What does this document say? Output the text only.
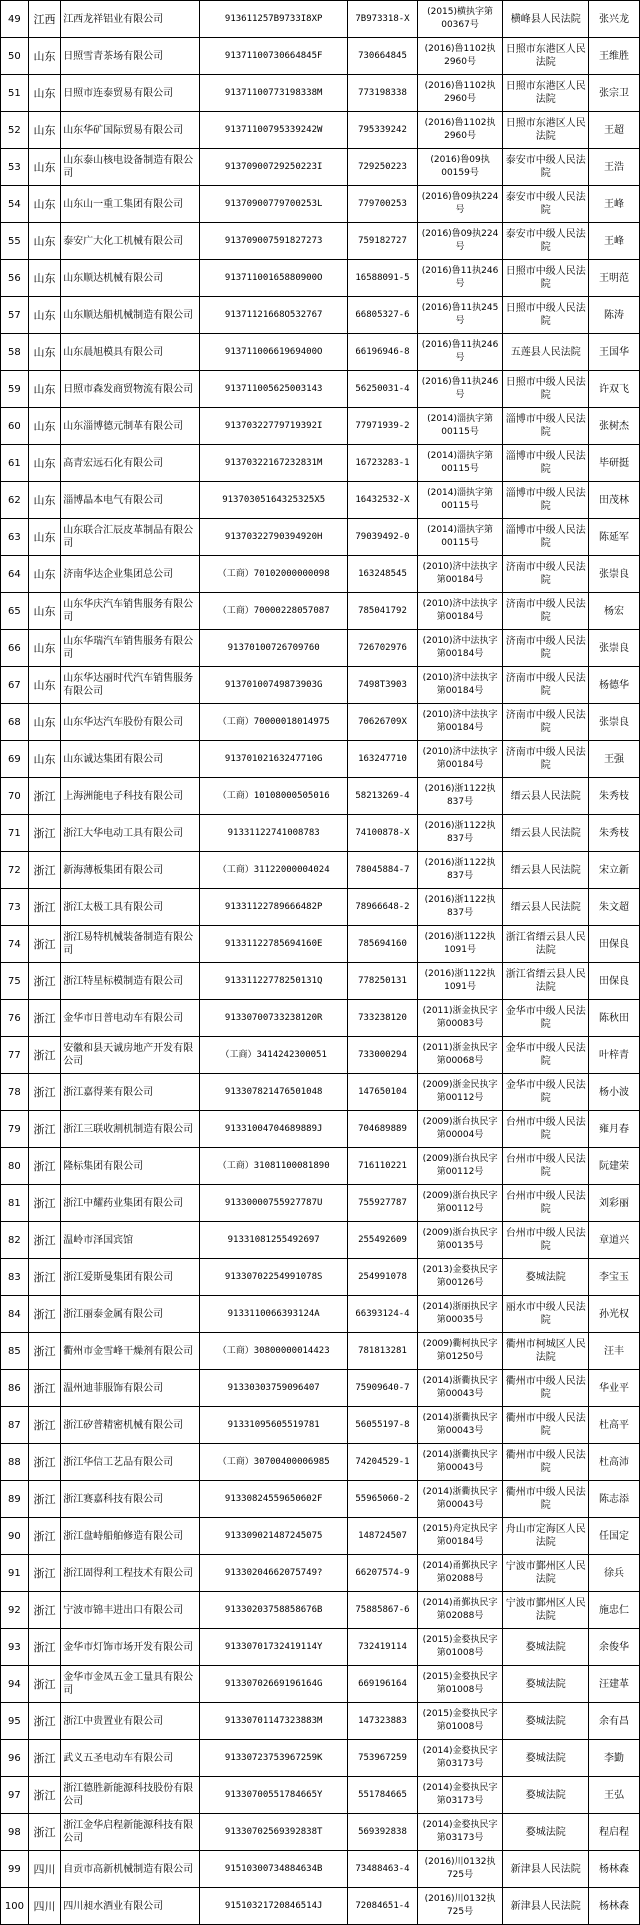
49	江西	江西龙祥铝业有限公司	913611257B9733I8XP	7B973318-X	(2015)横执字第00367号	横峰县人民法院	张兴龙
50	山东	日照雪青茶场有限公司	91371100730664845F	730664845	(2016)鲁1102执2960号	日照市东港区人民法院	王维胜
51	山东	日照市连泰贸易有限公司	91371100773198338M	773198338	(2016)鲁1102执2960号	日照市东港区人民法院	张宗卫
52	山东	山东华矿国际贸易有限公司	91371100795339242W	795339242	(2016)鲁1102执2960号	日照市东港区人民法院	王超
53	山东	山东泰山核电设备制造有限公司	91370900729250223I	729250223	(2016)鲁09执00159号	泰安市中级人民法院	王浩
54	山东	山东山一重工集团有限公司	91370900779700253L	779700253	(2016)鲁09执224号	泰安市中级人民法院	王峰
55	山东	泰安广大化工机械有限公司	913709007591827273	759182727	(2016)鲁09执224号	泰安市中级人民法院	王峰
56	山东	山东顺达机械有限公司	91371100165880900O	16588091-5	(2016)鲁11执246号	日照市中级人民法院	王明范
57	山东	山东顺达船机械制造有限公司	91371121668O532767	66805327-6	(2016)鲁11执245号	日照市中级人民法院	陈涛
58	山东	山东晨旭模具有限公司	91371100661969400O	66196946-8	(2016)鲁11执246号	五莲县人民法院	王国华
59	山东	日照市森发商贸物流有限公司	913711005625003143	56250031-4	(2016)鲁11执246号	日照市中级人民法院	许双飞
60	山东	山东淄博德元制革有限公司	91370322779719392I	77971939-2	(2014)淄执字第00115号	淄博市中级人民法院	张树杰
61	山东	高青宏远石化有限公司	91370322167232831M	16723283-1	(2014)淄执字第00115号	淄博市中级人民法院	毕研挺
62	山东	淄博晶本电气有限公司	91370305164325325X5	16432532-X	(2014)淄执字第00115号	淄博市中级人民法院	田茂林
63	山东	山东联合汇辰皮革制品有限公司	91370322790394920H	79039492-0	(2014)淄执字第00115号	淄博市中级人民法院	陈延军
64	山东	济南华达企业集团总公司	（工商）70102000000098	163248545	(2010)济中法执字第00184号	济南市中级人民法院	张崇良
65	山东	山东华庆汽车销售服务有限公司	（工商）70000228057087	785041792	(2010)济中法执字第00184号	济南市中级人民法院	杨宏
66	山东	山东华瑞汽车销售服务有限公司	91370100726709760	726702976	(2010)济中法执字第00184号	济南市中级人民法院	张崇良
67	山东	山东华达丽时代汽车销售服务有限公司	91370100749873903G	7498T3903	(2010)济中法执字第00184号	济南市中级人民法院	杨德华
68	山东	山东华达汽车股份有限公司	（工商）70000018014975	70626709X	(2010)济中法执字第00184号	济南市中级人民法院	张崇良
69	山东	山东诚达集团有限公司	91370102163247710G	163247710	(2010)济中法执字第00184号	济南市中级人民法院	王强
70	浙江	上海洲能电子科技有限公司	（工商）10108000505016	58213269-4	(2016)浙1122执837号	缙云县人民法院	朱秀枝
71	浙江	浙江大华电动工具有限公司	91331122741008783	74100878-X	(2016)浙1122执837号	缙云县人民法院	朱秀枝
72	浙江	新海薄板集团有限公司	（工商）31122000004024	78045884-7	(2016)浙1122执837号	缙云县人民法院	宋立新
73	浙江	浙江太极工具有限公司	91331122789666482P	78966648-2	(2016)浙1122执837号	缙云县人民法院	朱文超
74	浙江	浙江易特机械装备制造有限公司	91331122785694160E	785694160	(2016)浙1122执1091号	浙江省缙云县人民法院	田保良
75	浙江	浙江特星标模制造有限公司	91331122778250131Q	778250131	(2016)浙1122执1091号	浙江省缙云县人民法院	田保良
76	浙江	金华市日普电动车有限公司	91330700733238120R	733238120	(2011)浙金执民字第00083号	金华市中级人民法院	陈秋田
77	浙江	安徽和县天诚房地产开发有限公司	（工商）3414242300051	733000294	(2011)浙金执民字第00068号	金华市中级人民法院	叶梓青
78	浙江	浙江嘉得莱有限公司	913307821476501048	147650104	(2009)浙金民执字第00112号	金华市中级人民法院	杨小波
79	浙江	浙江三联收割机制造有限公司	91331004704689889J	704689889	(2009)浙台执民字第00004号	台州市中级人民法院	雍月春
80	浙江	隆标集团有限公司	（工商）31081100081890	716110221	(2009)浙台执民字第00112号	台州市中级人民法院	阮建荣
81	浙江	浙江中耀药业集团有限公司	91330000755927787U	755927787	(2009)浙台执民字第00112号	台州市中级人民法院	刘彩丽
82	浙江	温岭市泽国宾馆	91331081255492697	255492609	(2009)浙台执民字第00135号	台州市中级人民法院	章道兴
83	浙江	浙江爱斯曼集团有限公司	91330702254991078S	254991078	(2013)金婺执民字第00126号	婺城法院	李宝玉
84	浙江	浙江丽泰金属有限公司	9133110066393124A	66393124-4	(2014)浙丽执民字第00035号	丽水市中级人民法院	孙光权
85	浙江	衢州市金雪峰干燥剂有限公司	（工商）30800000014423	781813281	(2009)衢柯执民字第01250号	衢州市柯城区人民法院	汪丰
86	浙江	温州迪菲服饰有限公司	91330303759096407	75909640-7	(2014)浙衢执民字第00043号	衢州市中级人民法院	华业平
87	浙江	浙江矽普精密机械有限公司	91331095605519781	56055197-8	(2014)浙衢执民字第00043号	衢州市中级人民法院	杜高平
88	浙江	浙江华信工艺品有限公司	（工商）30700400006985	74204529-1	(2014)浙衢执民字第00043号	衢州市中级人民法院	杜高沛
89	浙江	浙江赛嘉科技有限公司	91330824559650602F	55965060-2	(2014)浙衢执民字第00043号	衢州市中级人民法院	陈志添
90	浙江	浙江盘峙船舶修造有限公司	913309021487245075	148724507	(2015)舟定执民字第00184号	舟山市定海区人民法院	任国定
91	浙江	浙江固得利工程技术有限公司	91330204662075749?	66207574-9	(2014)甬鄞执民字第02088号	宁波市鄞州区人民法院	徐兵
92	浙江	宁波市锦丰进出口有限公司	91330203758858676B	75885867-6	(2014)甬鄞执民字第02088号	宁波市鄞州区人民法院	施忠仁
93	浙江	金华市灯饰市场开发有限公司	91330701732419114Y	732419114	(2015)金婺执民字第01008号	婺城法院	余俊华
94	浙江	金华市金凤五金工量具有限公司	91330702669196164G	669196164	(2015)金婺执民字第01008号	婺城法院	汪建革
95	浙江	浙江中贵置业有限公司	91330701147323883M	147323883	(2015)金婺执民字第01008号	婺城法院	余有昌
96	浙江	武义五圣电动车有限公司	91330723753967259K	753967259	(2014)金婺执民字第03173号	婺城法院	李勤
97	浙江	浙江德胜新能源科技股份有限公司	91330700551784665Y	551784665	(2014)金婺执民字第03173号	婺城法院	王弘
98	浙江	浙江金华启程新能源科技有限公司	91330702569392838T	569392838	(2014)金婺执民字第03173号	婺城法院	程启程
99	四川	自贡市高新机械制造有限公司	91510300734884634B	73488463-4	(2016)川0132执725号	新津县人民法院	杨林森
100	四川	四川昶水酒业有限公司	91510321720846514J	72084651-4	(2016)川0132执725号	新津县人民法院	杨林森
